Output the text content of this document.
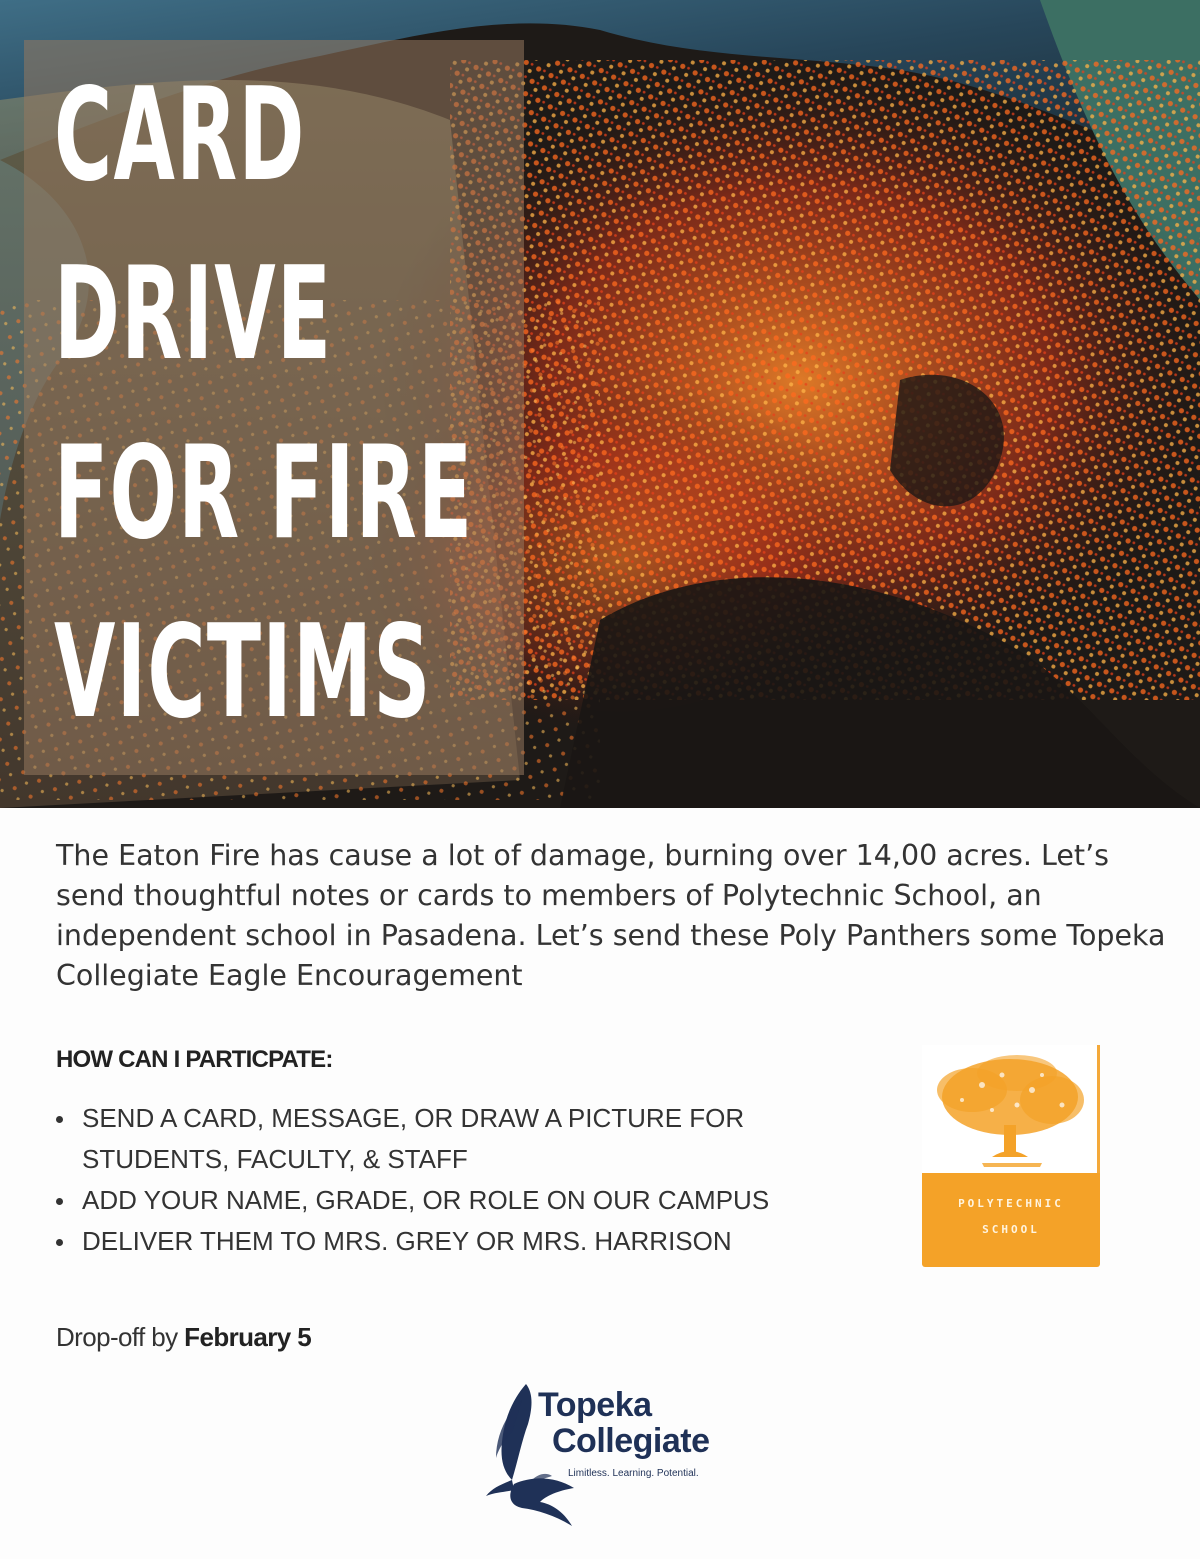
CARD
DRIVE
FOR FIRE
VICTIMS

The Eaton Fire has cause a lot of damage, burning over 14,00 acres. Let’s send thoughtful notes or cards to members of Polytechnic School, an independent school in Pasadena. Let’s send these Poly Panthers some Topeka Collegiate Eagle Encouragement

HOW CAN I PARTICPATE:
SEND A CARD, MESSAGE, OR DRAW A PICTURE FOR STUDENTS, FACULTY, & STAFF
ADD YOUR NAME, GRADE, OR ROLE ON OUR CAMPUS
DELIVER THEM TO MRS. GREY OR MRS. HARRISON

Drop-off by February 5

POLYTECHNIC
SCHOOL
Topeka
Collegiate
Limitless. Learning. Potential.
